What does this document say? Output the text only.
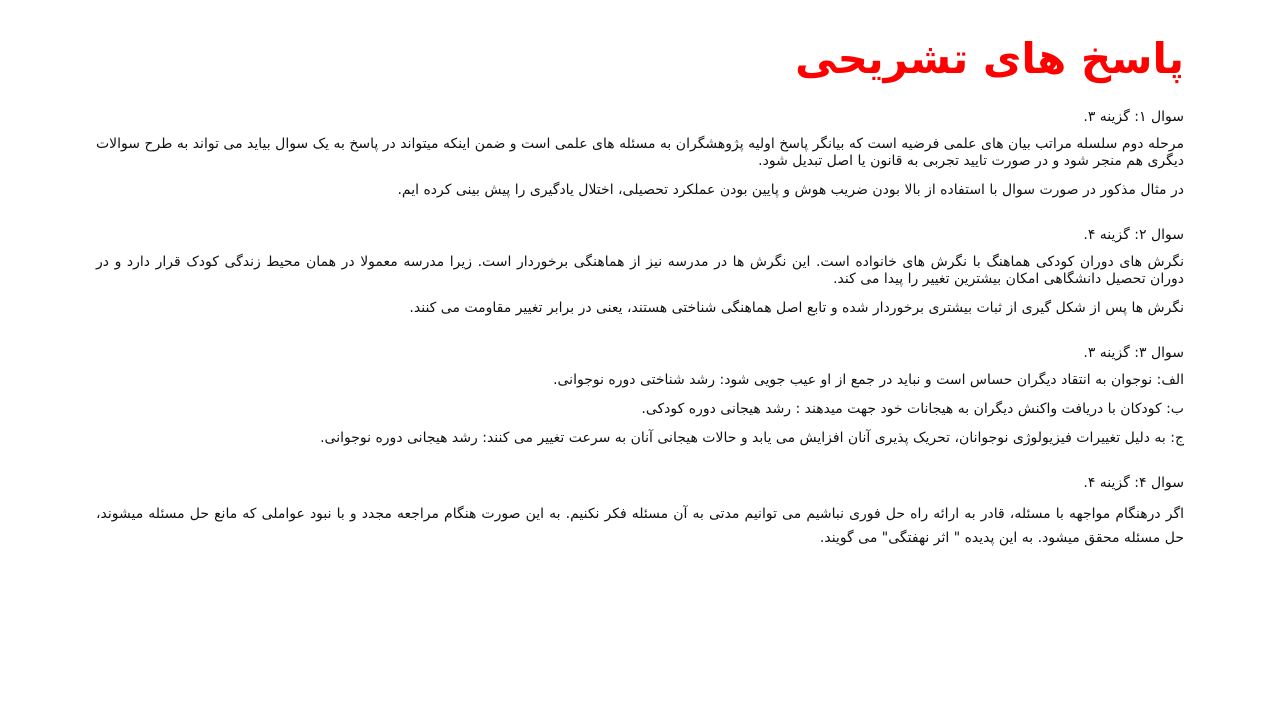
پاسخ های تشریحی
سوال ۱: گزینه ۳.
مرحله دوم سلسله مراتب بیان های علمی فرضیه است که بیانگر پاسخ اولیه پژوهشگران به مسئله های علمی است و ضمن اینکه میتواند در پاسخ به یک سوال بیاید می تواند به طرح سوالات دیگری هم منجر شود و در صورت تایید تجربی به قانون یا اصل تبدیل شود.
در مثال مذکور در صورت سوال با استفاده از بالا بودن ضریب هوش و پایین بودن عملکرد تحصیلی، اختلال یادگیری را پیش بینی کرده ایم.
سوال ۲: گزینه ۴.
نگرش های دوران کودکی هماهنگ با نگرش های خانواده است. این نگرش ها در مدرسه نیز از هماهنگی برخوردار است. زیرا مدرسه معمولا در همان محیط زندگی کودک قرار دارد و در دوران تحصیل دانشگاهی امکان بیشترین تغییر را پیدا می کند.
نگرش ها پس از شکل گیری از ثبات بیشتری برخوردار شده و تابع اصل هماهنگی شناختی هستند، یعنی در برابر تغییر مقاومت می کنند.
سوال ۳: گزینه ۳.
الف: نوجوان به انتقاد دیگران حساس است و نباید در جمع از او عیب جویی شود: رشد شناختی دوره نوجوانی.
ب: کودکان با دریافت واکنش دیگران به هیجانات خود جهت میدهند : رشد هیجانی دوره کودکی.
ج: به دلیل تغییرات فیزیولوژی نوجوانان، تحریک پذیری آنان افزایش می یابد و حالات هیجانی آنان به سرعت تغییر می کنند: رشد هیجانی دوره نوجوانی.
سوال ۴: گزینه ۴.
اگر درهنگام مواجهه با مسئله، قادر به ارائه راه حل فوری نباشیم می توانیم مدتی به آن مسئله فکر نکنیم. به این صورت هنگام مراجعه مجدد و با نبود عواملی که مانع حل مسئله میشوند، حل مسئله محقق میشود. به این پدیده " اثر نهفتگی" می گویند.
